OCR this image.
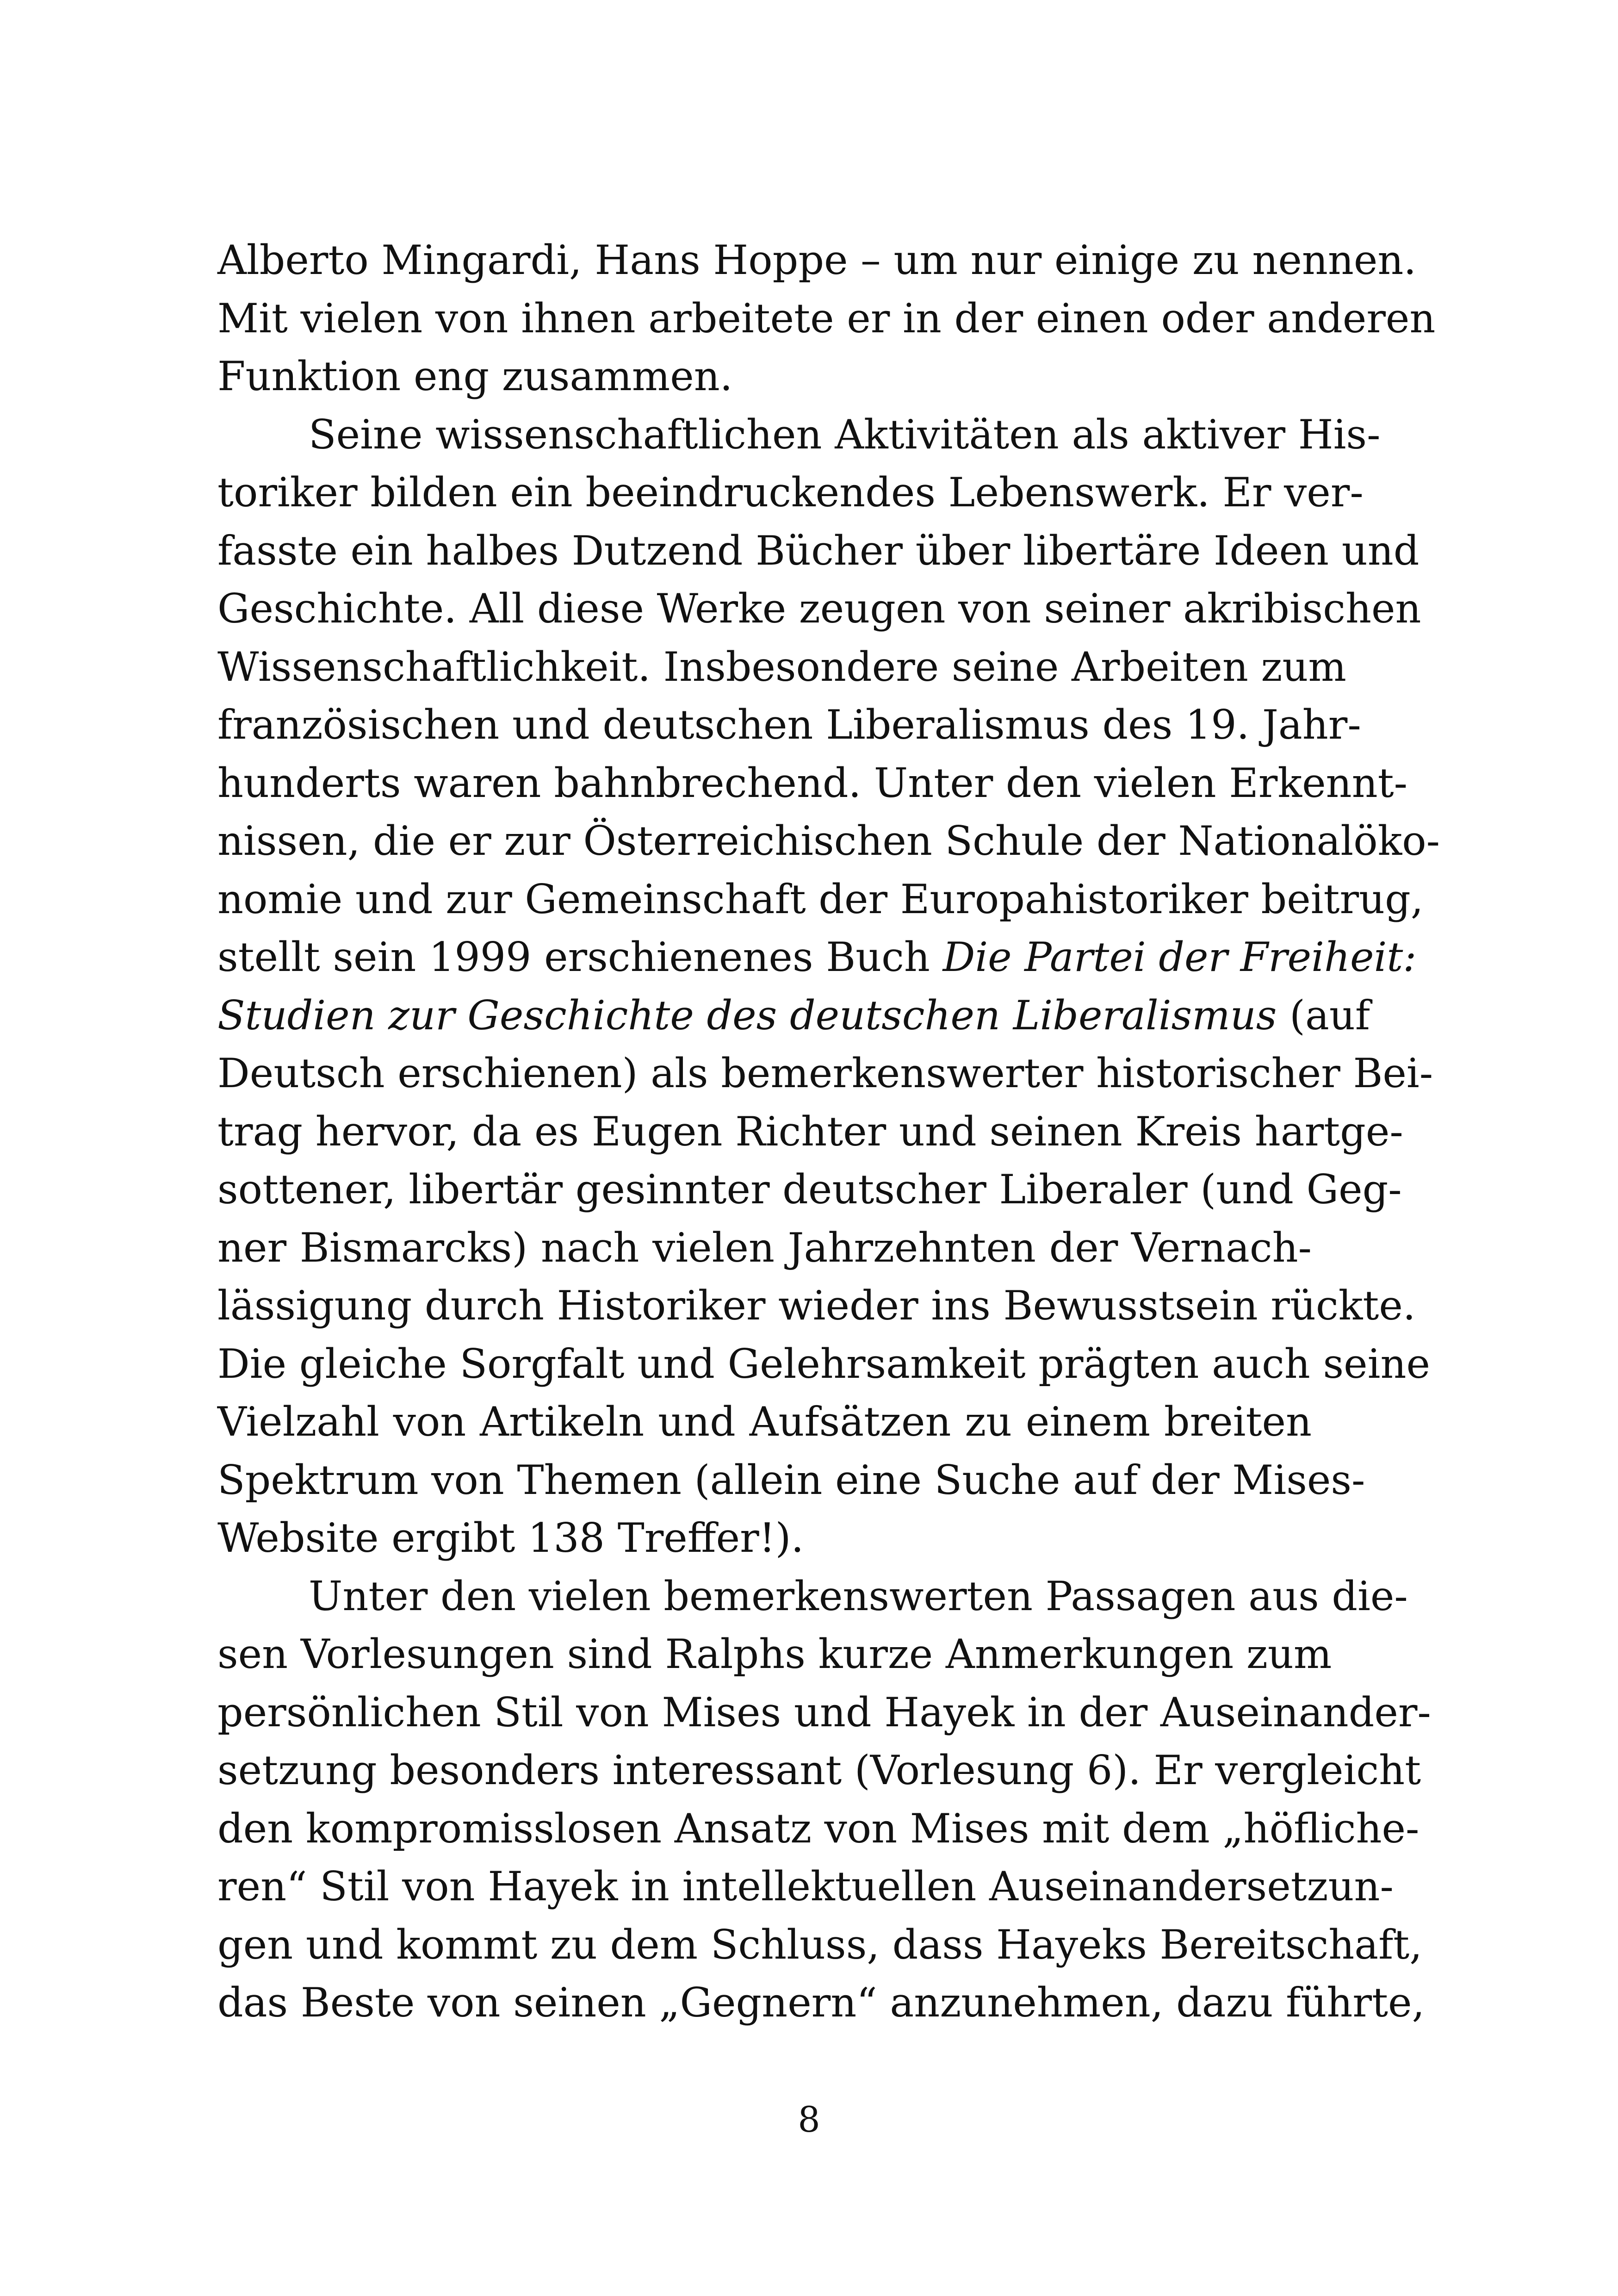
Alberto Mingardi, Hans Hoppe – um nur einige zu nennen.
Mit vielen von ihnen arbeitete er in der einen oder anderen
Funktion eng zusammen.
Seine wissenschaftlichen Aktivitäten als aktiver His-
toriker bilden ein beeindruckendes Lebenswerk. Er ver-
fasste ein halbes Dutzend Bücher über libertäre Ideen und
Geschichte. All diese Werke zeugen von seiner akribischen
Wissenschaftlichkeit. Insbesondere seine Arbeiten zum
französischen und deutschen Liberalismus des 19. Jahr-
hunderts waren bahnbrechend. Unter den vielen Erkennt-
nissen, die er zur Österreichischen Schule der Nationalöko-
nomie und zur Gemeinschaft der Europahistoriker beitrug,
stellt sein 1999 erschienenes Buch Die Partei der Freiheit:
Studien zur Geschichte des deutschen Liberalismus (auf
Deutsch erschienen) als bemerkenswerter historischer Bei-
trag hervor, da es Eugen Richter und seinen Kreis hartge-
sottener, libertär gesinnter deutscher Liberaler (und Geg-
ner Bismarcks) nach vielen Jahrzehnten der Vernach-
lässigung durch Historiker wieder ins Bewusstsein rückte.
Die gleiche Sorgfalt und Gelehrsamkeit prägten auch seine
Vielzahl von Artikeln und Aufsätzen zu einem breiten
Spektrum von Themen (allein eine Suche auf der Mises-
Website ergibt 138 Treffer!).
Unter den vielen bemerkenswerten Passagen aus die-
sen Vorlesungen sind Ralphs kurze Anmerkungen zum
persönlichen Stil von Mises und Hayek in der Auseinander-
setzung besonders interessant (Vorlesung 6). Er vergleicht
den kompromisslosen Ansatz von Mises mit dem „höfliche-
ren“ Stil von Hayek in intellektuellen Auseinandersetzun-
gen und kommt zu dem Schluss, dass Hayeks Bereitschaft,
das Beste von seinen „Gegnern“ anzunehmen, dazu führte,
8
